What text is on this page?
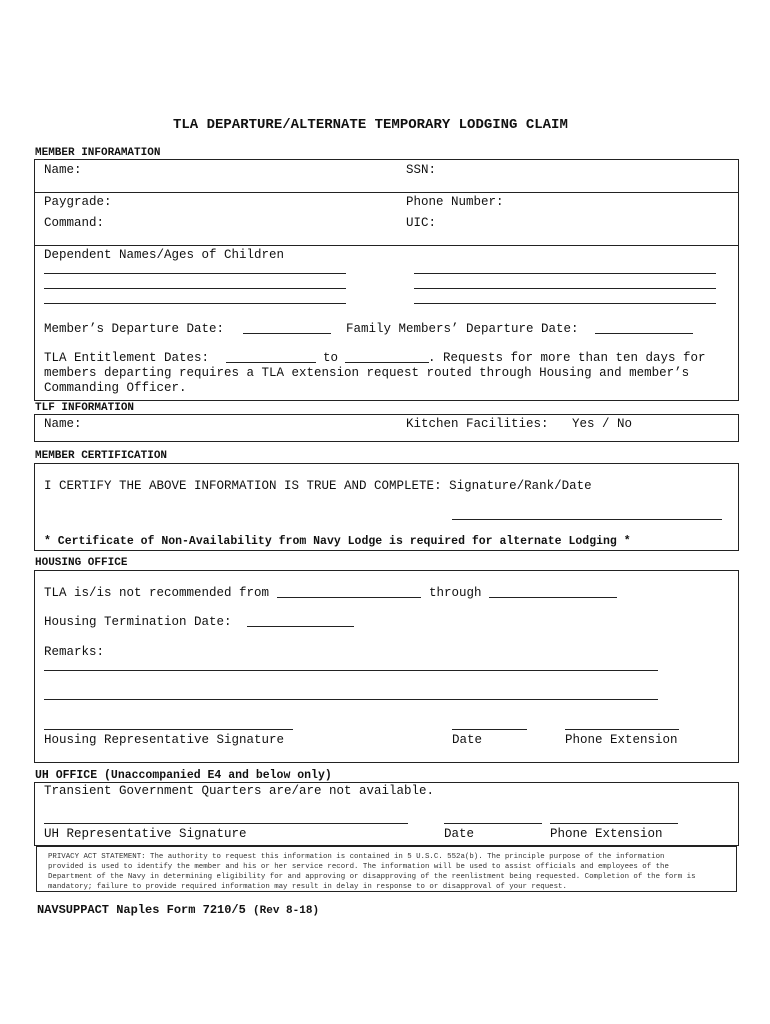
TLA DEPARTURE/ALTERNATE TEMPORARY LODGING CLAIM
MEMBER INFORAMATION
Name:	SSN:
Paygrade:	Phone Number:
Command:	UIC:
Dependent Names/Ages of Children
Member’s Departure Date:	Family Members’ Departure Date:
TLA Entitlement Dates:	to	. Requests for more than ten days for
members departing requires a TLA extension request routed through Housing and member’s
Commanding Officer.
TLF INFORMATION
Name:	Kitchen Facilities: Yes / No
MEMBER CERTIFICATION
I CERTIFY THE ABOVE INFORMATION IS TRUE AND COMPLETE: Signature/Rank/Date
* Certificate of Non-Availability from Navy Lodge is required for alternate Lodging *
HOUSING OFFICE
TLA is/is not recommended from	through
Housing Termination Date:
Remarks:
Housing Representative Signature	Date	Phone Extension
UH OFFICE (Unaccompanied E4 and below only)
Transient Government Quarters are/are not available.
UH Representative Signature	Date	Phone Extension
PRIVACY ACT STATEMENT: The authority to request this information is contained in 5 U.S.C. 552a(b). The principle purpose of the information provided is used to identify the member and his or her service record. The information will be used to assist officials and employees of the Department of the Navy in determining eligibility for and approving or disapproving of the reenlistment being requested. Completion of the form is mandatory; failure to provide required information may result in delay in response to or disapproval of your request.
NAVSUPPACT Naples Form 7210/5 (Rev 8-18)
